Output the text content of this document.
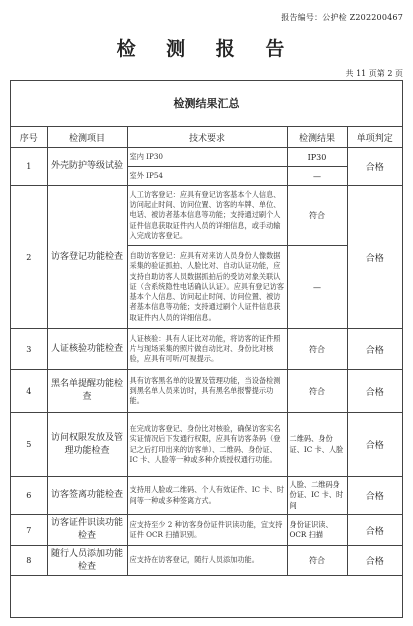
报告编号：公护检 Z202200467
检 测 报 告
共 11 页第 2 页
检测结果汇总
序号	检测项目	技术要求	检测结果	单项判定
1	外壳防护等级试验	室内 IP30	IP30	合格
		室外 IP54	—	
2	访客登记功能检查	人工访客登记：应具有登记访客基本个人信息、访问起止时间、访问位置、访客的车牌、单位、电话、被访者基本信息等功能；支持通过刷个人证件信息获取证件内人员的详细信息，或手动输入完成访客登记。	符合	合格
		自助访客登记：应具有对来访人员身份人像数据采集的验证抓拍、人脸比对、自动认证功能，应支持自助访客人员数据抓拍后的受访对象关联认证（含系统隐性电话确认认证）。应具有登记访客基本个人信息、访问起止时间、访问位置、被访者基本信息等功能；支持通过刷个人证件信息获取证件内人员的详细信息。	—	
3	人证核验功能检查	人证核验：具有人证比对功能，将访客的证件照片与现场采集的照片做自动比对、身份比对核验，应具有可听/可视提示。	符合	合格
4	黑名单提醒功能检查	具有访客黑名单的设置及管理功能，当设备检测到黑名单人员来访时，具有黑名单报警提示功能。	符合	合格
5	访问权限发放及管理功能检查	在完成访客登记、身份比对核验，确保访客实名实证情况后下发通行权限，应具有访客条码（登记之后打印出来的访客单）、二维码、身份证、IC 卡、人脸等一种或多种介质授权通行功能。	二维码、身份证、IC 卡、人脸	合格
6	访客签离功能检查	支持用人脸或二维码、个人有效证件、IC 卡、时间等一种或多种签离方式。	人脸、二维码身份证、IC 卡、时间	合格
7	访客证件识读功能检查	应支持至少 2 种访客身份证件识读功能，宜支持证件 OCR 扫描识别。	身份证识读、OCR 扫描	合格
8	随行人员添加功能检查	应支持在访客登记，随行人员添加功能。	符合	合格
